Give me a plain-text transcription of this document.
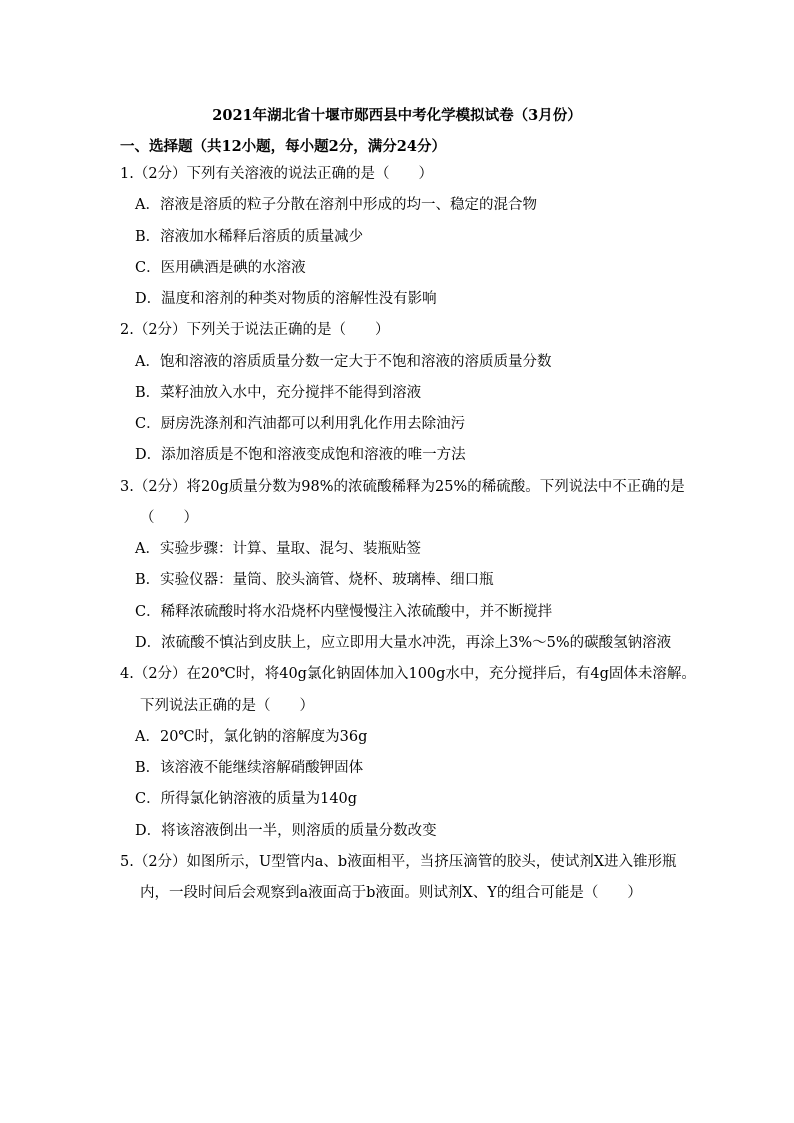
2021年湖北省十堰市郧西县中考化学模拟试卷（3月份）
一、选择题（共12小题，每小题2分，满分24分）
1.（2分）下列有关溶液的说法正确的是（　　）
A．溶液是溶质的粒子分散在溶剂中形成的均一、稳定的混合物
B．溶液加水稀释后溶质的质量减少
C．医用碘酒是碘的水溶液
D．温度和溶剂的种类对物质的溶解性没有影响
2.（2分）下列关于说法正确的是（　　）
A．饱和溶液的溶质质量分数一定大于不饱和溶液的溶质质量分数
B．菜籽油放入水中，充分搅拌不能得到溶液
C．厨房洗涤剂和汽油都可以利用乳化作用去除油污
D．添加溶质是不饱和溶液变成饱和溶液的唯一方法
3.（2分）将20g质量分数为98%的浓硫酸稀释为25%的稀硫酸。下列说法中不正确的是
（　　）
A．实验步骤：计算、量取、混匀、装瓶贴签
B．实验仪器：量筒、胶头滴管、烧杯、玻璃棒、细口瓶
C．稀释浓硫酸时将水沿烧杯内壁慢慢注入浓硫酸中，并不断搅拌
D．浓硫酸不慎沾到皮肤上，应立即用大量水冲洗，再涂上3%～5%的碳酸氢钠溶液
4.（2分）在20℃时，将40g氯化钠固体加入100g水中，充分搅拌后，有4g固体未溶解。
下列说法正确的是（　　）
A．20℃时，氯化钠的溶解度为36g
B．该溶液不能继续溶解硝酸钾固体
C．所得氯化钠溶液的质量为140g
D．将该溶液倒出一半，则溶质的质量分数改变
5.（2分）如图所示，U型管内a、b液面相平，当挤压滴管的胶头，使试剂X进入锥形瓶
内，一段时间后会观察到a液面高于b液面。则试剂X、Y的组合可能是（　　）
